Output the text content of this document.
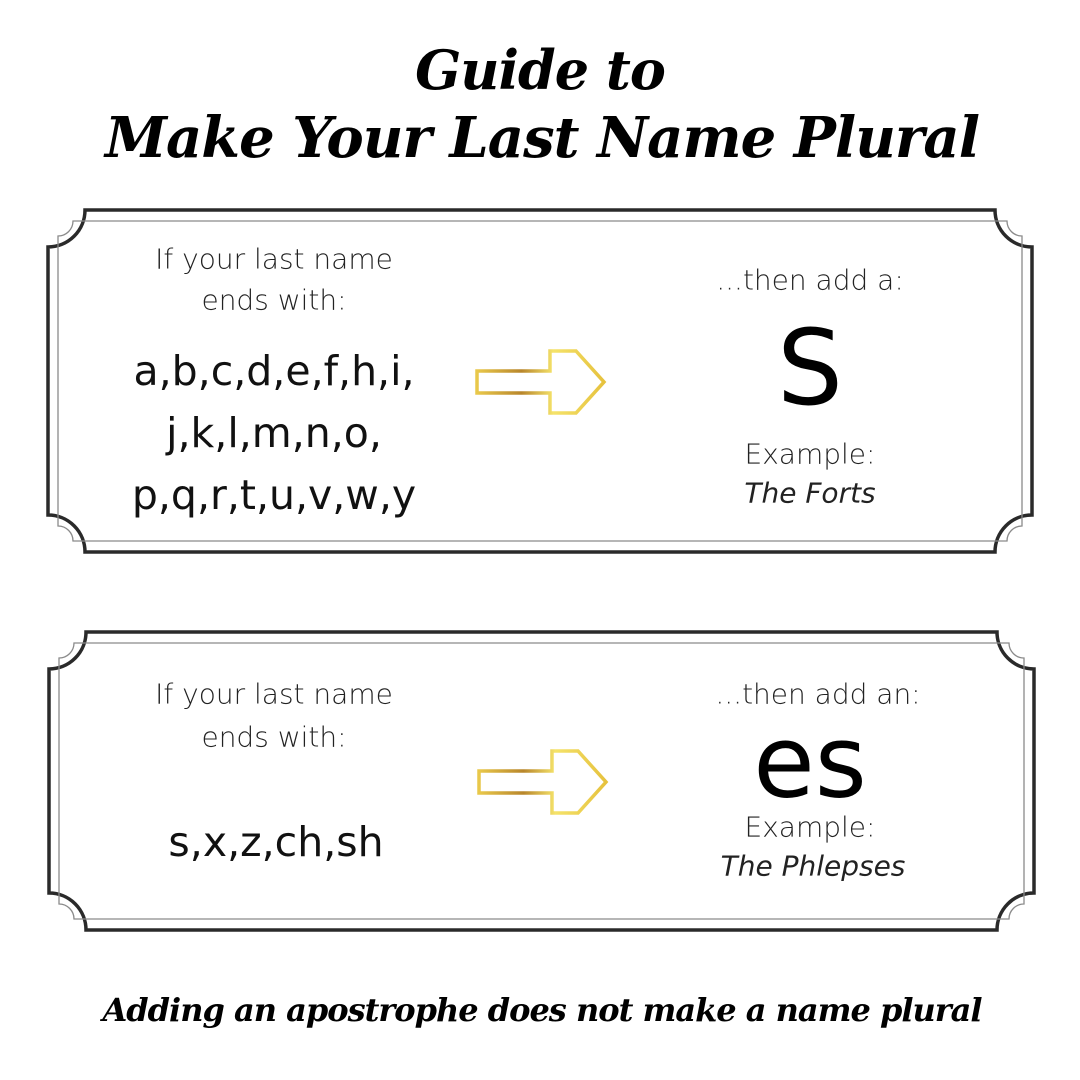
Guide to
Make Your Last Name Plural
If your last name
ends with:
a,b,c,d,e,f,h,i,
j,k,l,m,n,o,
p,q,r,t,u,v,w,y
...then add a:
S
Example:
The Forts
If your last name
ends with:
s,x,z,ch,sh
...then add an:
es
Example:
The Phlepses
Adding an apostrophe does not make a name plural
